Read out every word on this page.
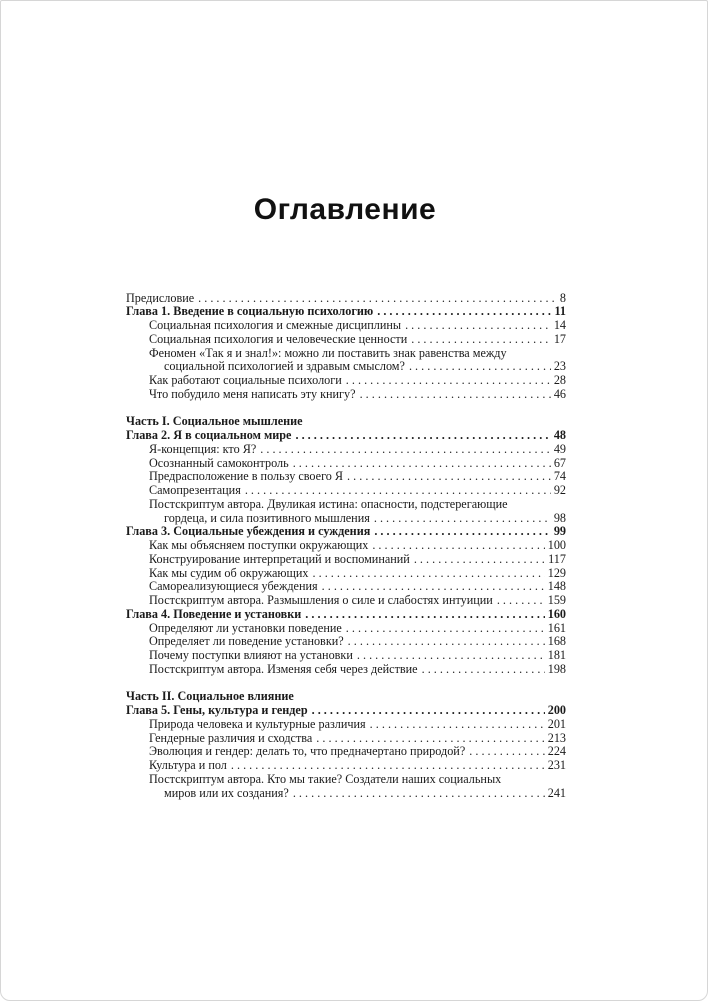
Оглавление
Предисловие . . .	8
Глава 1. Введение в социальную психологию . . .	11
Социальная психология и смежные дисциплины . . .	14
Социальная психология и человеческие ценности . . .	17
Феномен «Так я и знал!»: можно ли поставить знак равенства между
социальной психологией и здравым смыслом? . . .	23
Как работают социальные психологи . . .	28
Что побудило меня написать эту книгу? . . .	46
Часть I. Социальное мышление
Глава 2. Я в социальном мире . . .	48
Я-концепция: кто Я? . . .	49
Осознанный самоконтроль . . .	67
Предрасположение в пользу своего Я . . .	74
Самопрезентация . . .	92
Постскриптум автора. Двуликая истина: опасности, подстерегающие
гордеца, и сила позитивного мышления . . .	98
Глава 3. Социальные убеждения и суждения . . .	99
Как мы объясняем поступки окружающих . . .	100
Конструирование интерпретаций и воспоминаний . . .	117
Как мы судим об окружающих . . .	129
Самореализующиеся убеждения . . .	148
Постскриптум автора. Размышления о силе и слабостях интуиции . . .	159
Глава 4. Поведение и установки . . .	160
Определяют ли установки поведение . . .	161
Определяет ли поведение установки? . . .	168
Почему поступки влияют на установки . . .	181
Постскриптум автора. Изменяя себя через действие . . .	198
Часть II. Социальное влияние
Глава 5. Гены, культура и гендер . . .	200
Природа человека и культурные различия . . .	201
Гендерные различия и сходства . . .	213
Эволюция и гендер: делать то, что предначертано природой? . . .	224
Культура и пол . . .	231
Постскриптум автора. Кто мы такие? Создатели наших социальных
миров или их создания? . . .	241
